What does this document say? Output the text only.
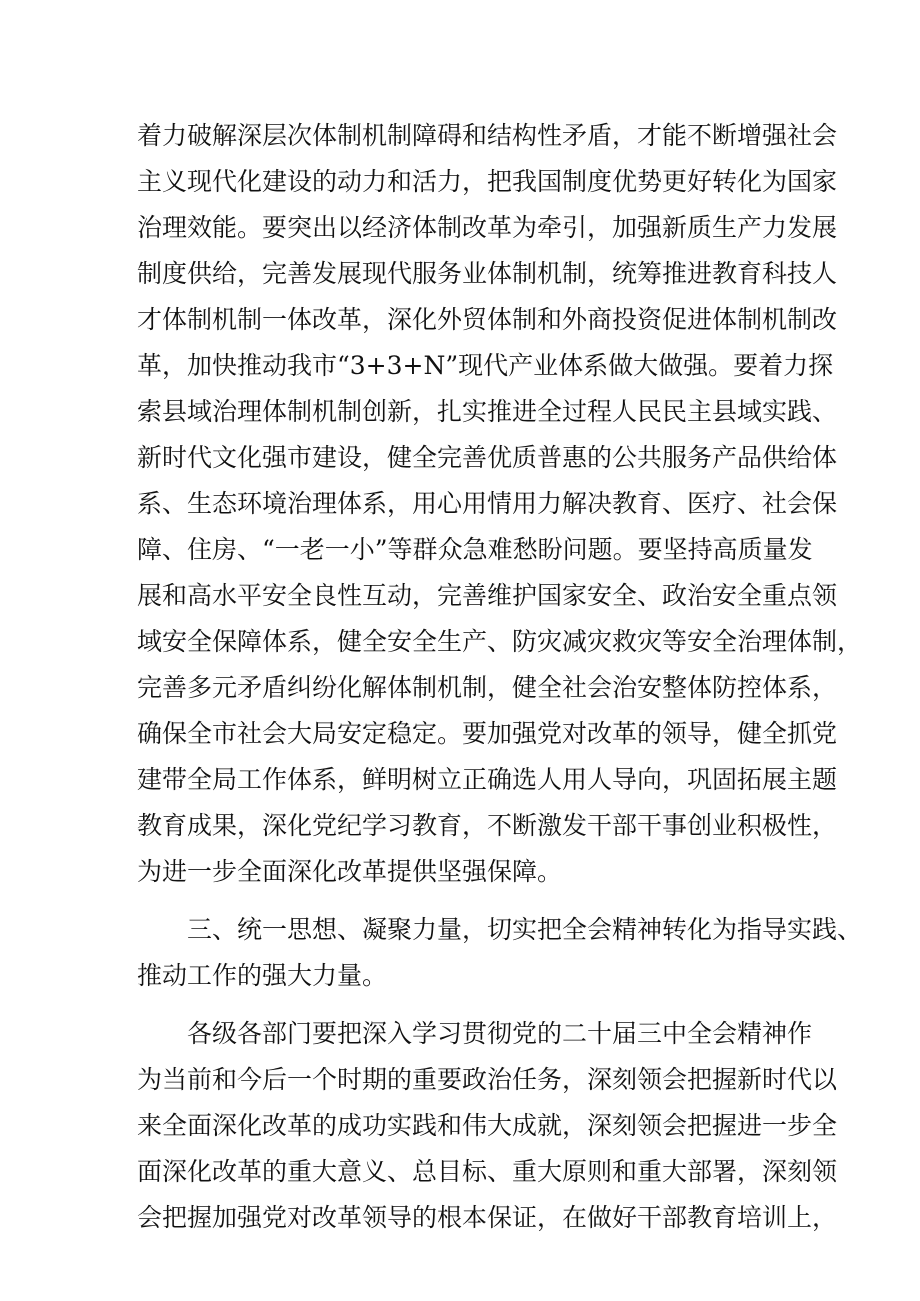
着力破解深层次体制机制障碍和结构性矛盾，才能不断增强社会
主义现代化建设的动力和活力，把我国制度优势更好转化为国家
治理效能。要突出以经济体制改革为牵引，加强新质生产力发展
制度供给，完善发展现代服务业体制机制，统筹推进教育科技人
才体制机制一体改革，深化外贸体制和外商投资促进体制机制改
革，加快推动我市“3+3+N”现代产业体系做大做强。要着力探
索县域治理体制机制创新，扎实推进全过程人民民主县域实践、
新时代文化强市建设，健全完善优质普惠的公共服务产品供给体
系、生态环境治理体系，用心用情用力解决教育、医疗、社会保
障、住房、“一老一小”等群众急难愁盼问题。要坚持高质量发
展和高水平安全良性互动，完善维护国家安全、政治安全重点领
域安全保障体系，健全安全生产、防灾减灾救灾等安全治理体制，
完善多元矛盾纠纷化解体制机制，健全社会治安整体防控体系，
确保全市社会大局安定稳定。要加强党对改革的领导，健全抓党
建带全局工作体系，鲜明树立正确选人用人导向，巩固拓展主题
教育成果，深化党纪学习教育，不断激发干部干事创业积极性，
为进一步全面深化改革提供坚强保障。
三、统一思想、凝聚力量，切实把全会精神转化为指导实践、
推动工作的强大力量。
各级各部门要把深入学习贯彻党的二十届三中全会精神作
为当前和今后一个时期的重要政治任务，深刻领会把握新时代以
来全面深化改革的成功实践和伟大成就，深刻领会把握进一步全
面深化改革的重大意义、总目标、重大原则和重大部署，深刻领
会把握加强党对改革领导的根本保证，在做好干部教育培训上，
